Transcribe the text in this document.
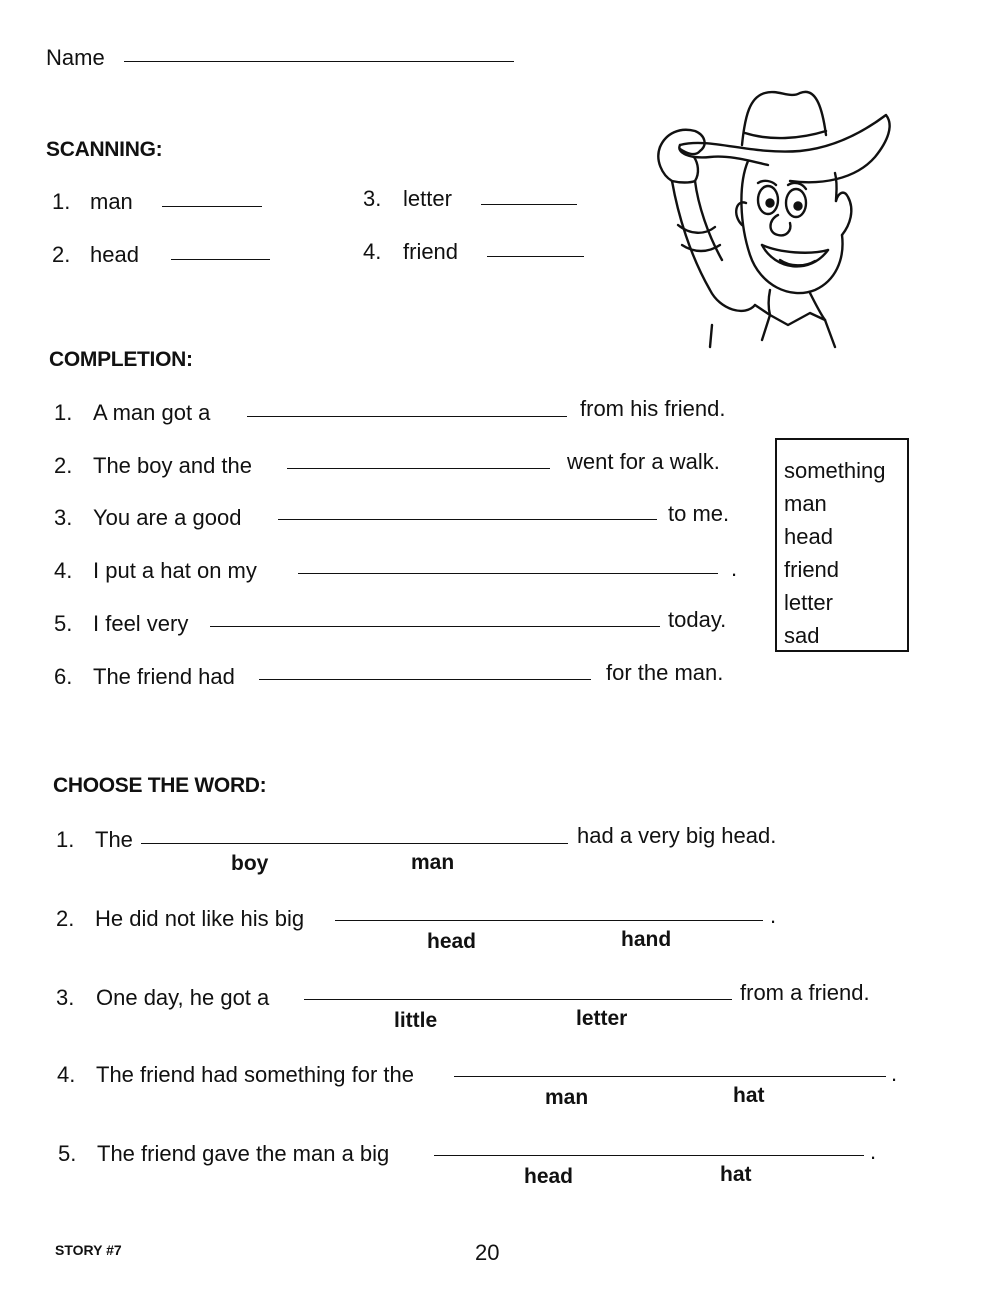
Name
SCANNING:
1. man
2. head
3. letter
4. friend
COMPLETION:
1. A man got a	from his friend.
2. The boy and the	went for a walk.
3. You are a good	to me.
4. I put a hat on my	.
5. I feel very	today.
6. The friend had	for the man.
something
man
head
friend
letter
sad
CHOOSE THE WORD:
1. The	had a very big head.
boy	man
2. He did not like his big	.
head	hand
3. One day, he got a	from a friend.
little	letter
4. The friend had something for the	.
man	hat
5. The friend gave the man a big	.
head	hat
STORY #7	20
